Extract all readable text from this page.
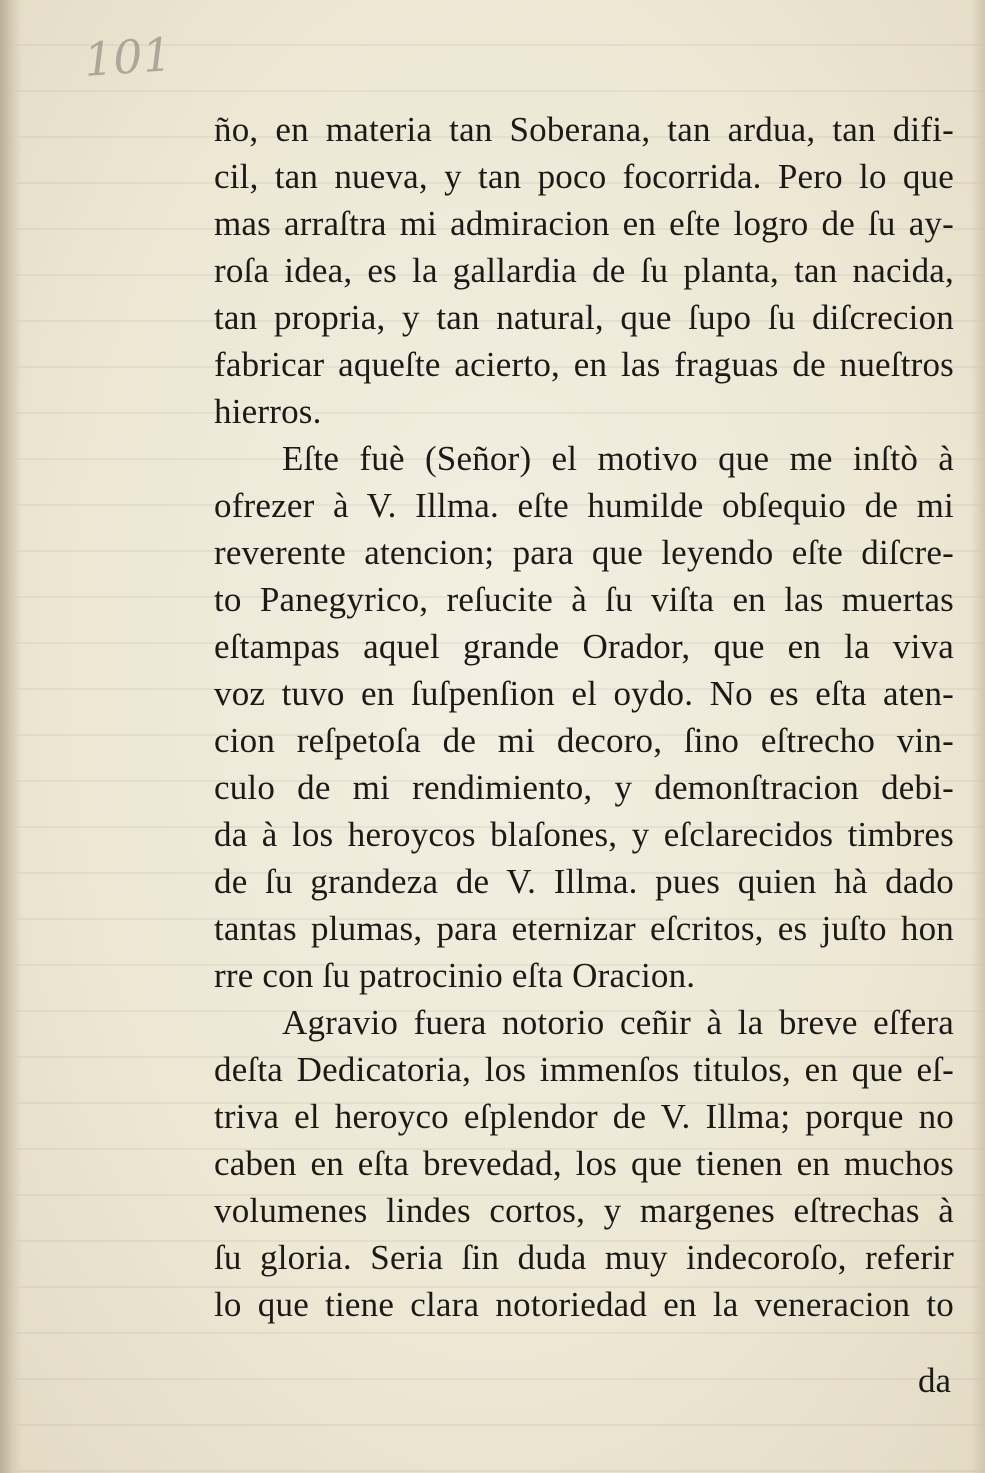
101
ño, en materia tan Soberana, tan ardua, tan difi-
cil, tan nueva, y tan poco focorrida. Pero lo que
mas arraſtra mi admiracion en eſte logro de ſu ay-
roſa idea, es la gallardia de ſu planta, tan nacida,
tan propria, y tan natural, que ſupo ſu diſcrecion
fabricar aqueſte acierto, en las fraguas de nueſtros
hierros.
Eſte fuè (Señor) el motivo que me inſtò à
ofrezer à V. Illma. eſte humilde obſequio de mi
reverente atencion; para que leyendo eſte diſcre-
to Panegyrico, reſucite à ſu viſta en las muertas
eſtampas aquel grande Orador, que en la viva
voz tuvo en ſuſpenſion el oydo. No es eſta aten-
cion reſpetoſa de mi decoro, ſino eſtrecho vin-
culo de mi rendimiento, y demonſtracion debi-
da à los heroycos blaſones, y eſclarecidos timbres
de ſu grandeza de V. Illma. pues quien hà dado
tantas plumas, para eternizar eſcritos, es juſto hon
rre con ſu patrocinio eſta Oracion.
Agravio fuera notorio ceñir à la breve eſfera
deſta Dedicatoria, los immenſos titulos, en que eſ-
triva el heroyco eſplendor de V. Illma; porque no
caben en eſta brevedad, los que tienen en muchos
volumenes lindes cortos, y margenes eſtrechas à
ſu gloria. Seria ſin duda muy indecoroſo, referir
lo que tiene clara notoriedad en la veneracion to
da
